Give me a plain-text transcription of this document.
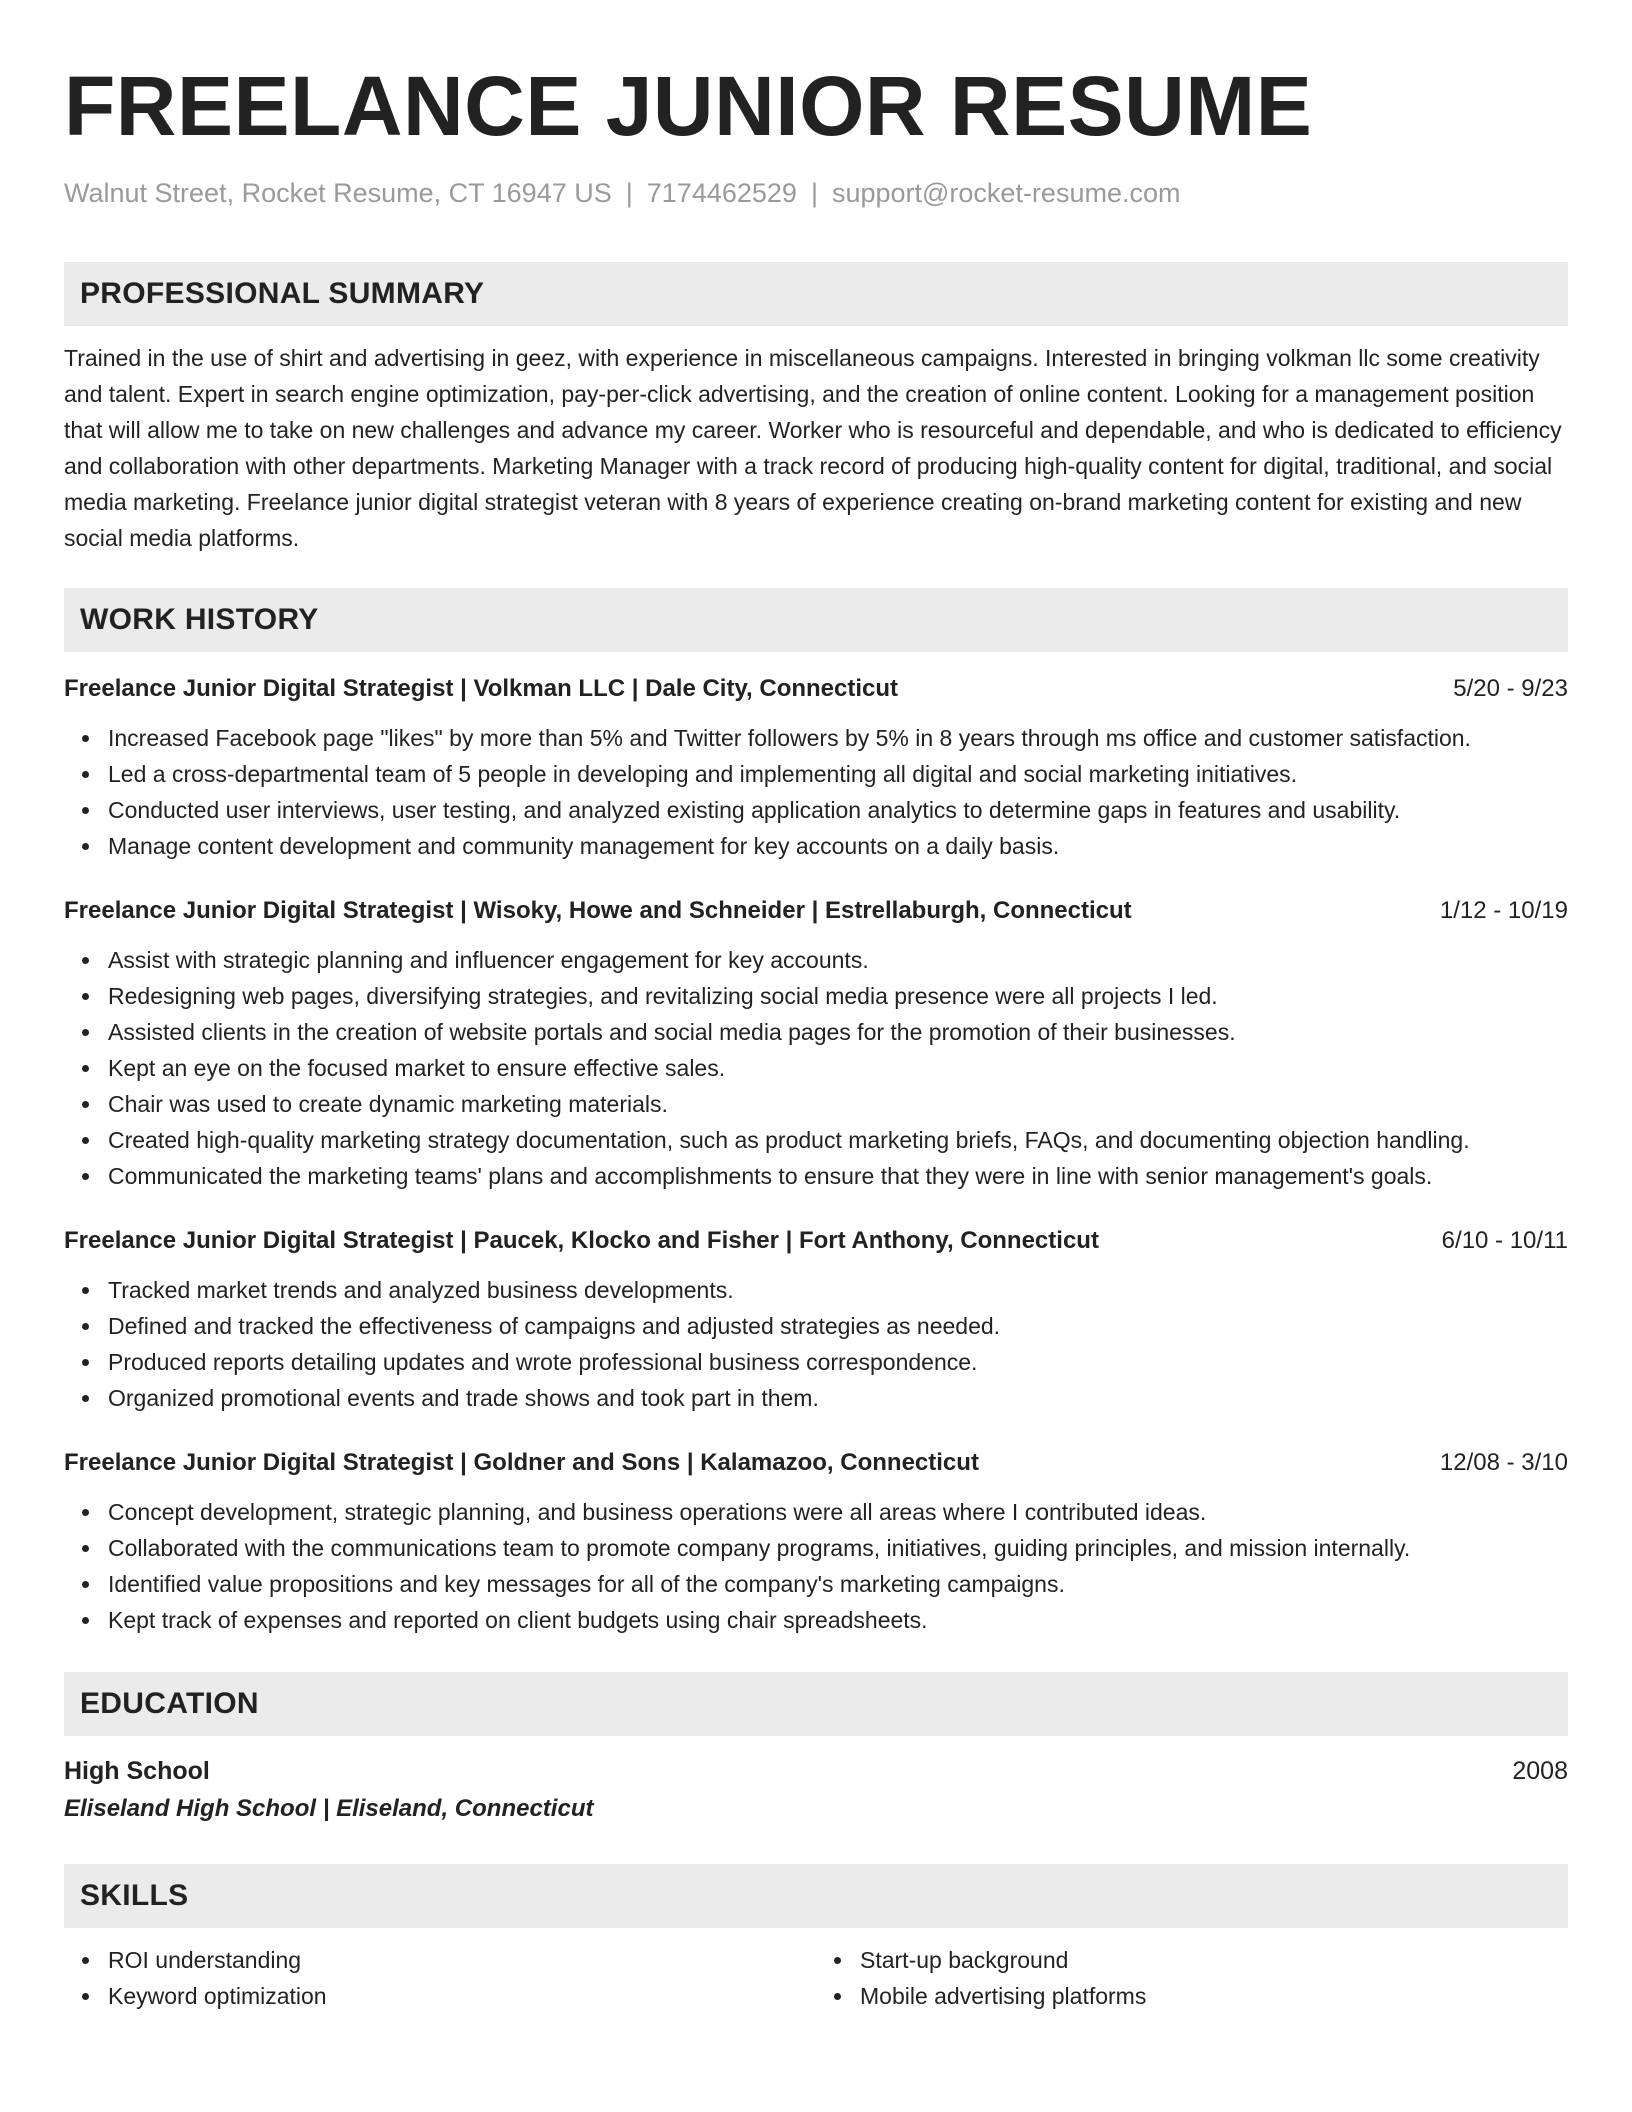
FREELANCE JUNIOR RESUME
Walnut Street, Rocket Resume, CT 16947 US | 7174462529 | support@rocket-resume.com
PROFESSIONAL SUMMARY
Trained in the use of shirt and advertising in geez, with experience in miscellaneous campaigns. Interested in bringing volkman llc some creativity and talent. Expert in search engine optimization, pay-per-click advertising, and the creation of online content. Looking for a management position that will allow me to take on new challenges and advance my career. Worker who is resourceful and dependable, and who is dedicated to efficiency and collaboration with other departments. Marketing Manager with a track record of producing high-quality content for digital, traditional, and social media marketing. Freelance junior digital strategist veteran with 8 years of experience creating on-brand marketing content for existing and new social media platforms.
WORK HISTORY
Freelance Junior Digital Strategist | Volkman LLC | Dale City, Connecticut	5/20 - 9/23
Increased Facebook page "likes" by more than 5% and Twitter followers by 5% in 8 years through ms office and customer satisfaction.
Led a cross-departmental team of 5 people in developing and implementing all digital and social marketing initiatives.
Conducted user interviews, user testing, and analyzed existing application analytics to determine gaps in features and usability.
Manage content development and community management for key accounts on a daily basis.
Freelance Junior Digital Strategist | Wisoky, Howe and Schneider | Estrellaburgh, Connecticut	1/12 - 10/19
Assist with strategic planning and influencer engagement for key accounts.
Redesigning web pages, diversifying strategies, and revitalizing social media presence were all projects I led.
Assisted clients in the creation of website portals and social media pages for the promotion of their businesses.
Kept an eye on the focused market to ensure effective sales.
Chair was used to create dynamic marketing materials.
Created high-quality marketing strategy documentation, such as product marketing briefs, FAQs, and documenting objection handling.
Communicated the marketing teams' plans and accomplishments to ensure that they were in line with senior management's goals.
Freelance Junior Digital Strategist | Paucek, Klocko and Fisher | Fort Anthony, Connecticut	6/10 - 10/11
Tracked market trends and analyzed business developments.
Defined and tracked the effectiveness of campaigns and adjusted strategies as needed.
Produced reports detailing updates and wrote professional business correspondence.
Organized promotional events and trade shows and took part in them.
Freelance Junior Digital Strategist | Goldner and Sons | Kalamazoo, Connecticut	12/08 - 3/10
Concept development, strategic planning, and business operations were all areas where I contributed ideas.
Collaborated with the communications team to promote company programs, initiatives, guiding principles, and mission internally.
Identified value propositions and key messages for all of the company's marketing campaigns.
Kept track of expenses and reported on client budgets using chair spreadsheets.
EDUCATION
High School	2008
Eliseland High School | Eliseland, Connecticut
SKILLS
ROI understanding
Keyword optimization
Start-up background
Mobile advertising platforms
